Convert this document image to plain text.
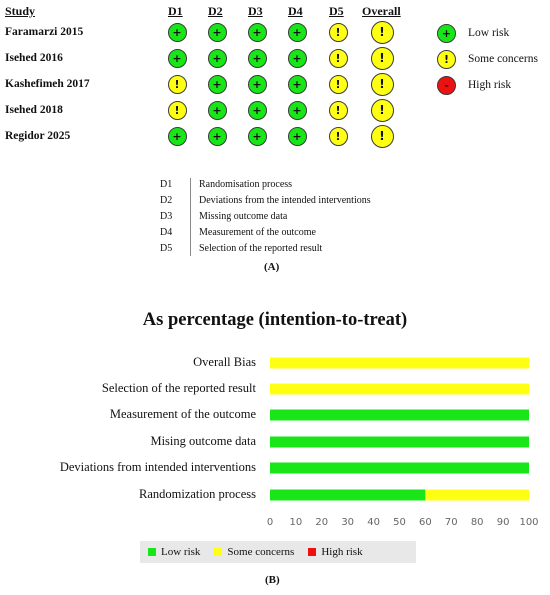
Study	D1 D2 D3 D4 D5 Overall
Faramarzi 2015	+	+	+	+	!	!
Isehed 2016	+	+	+	+	!	!
Kashefimeh 2017	!	+	+	+	!	!
Isehed 2018	!	+	+	+	!	!
Regidor 2025	+	+	+	+	!	!
+ Low risk
! Some concerns
- High risk
D1	Randomisation process
D2	Deviations from the intended interventions
D3	Missing outcome data
D4	Measurement of the outcome
D5	Selection of the reported result
(A)
As percentage (intention-to-treat)
Overall Bias
Selection of the reported result
Measurement of the outcome
Mising outcome data
Deviations from intended interventions
Randomization process
0	10	20	30	40	50	60	70	80	90	100
Low risk Some concerns High risk
(B)
